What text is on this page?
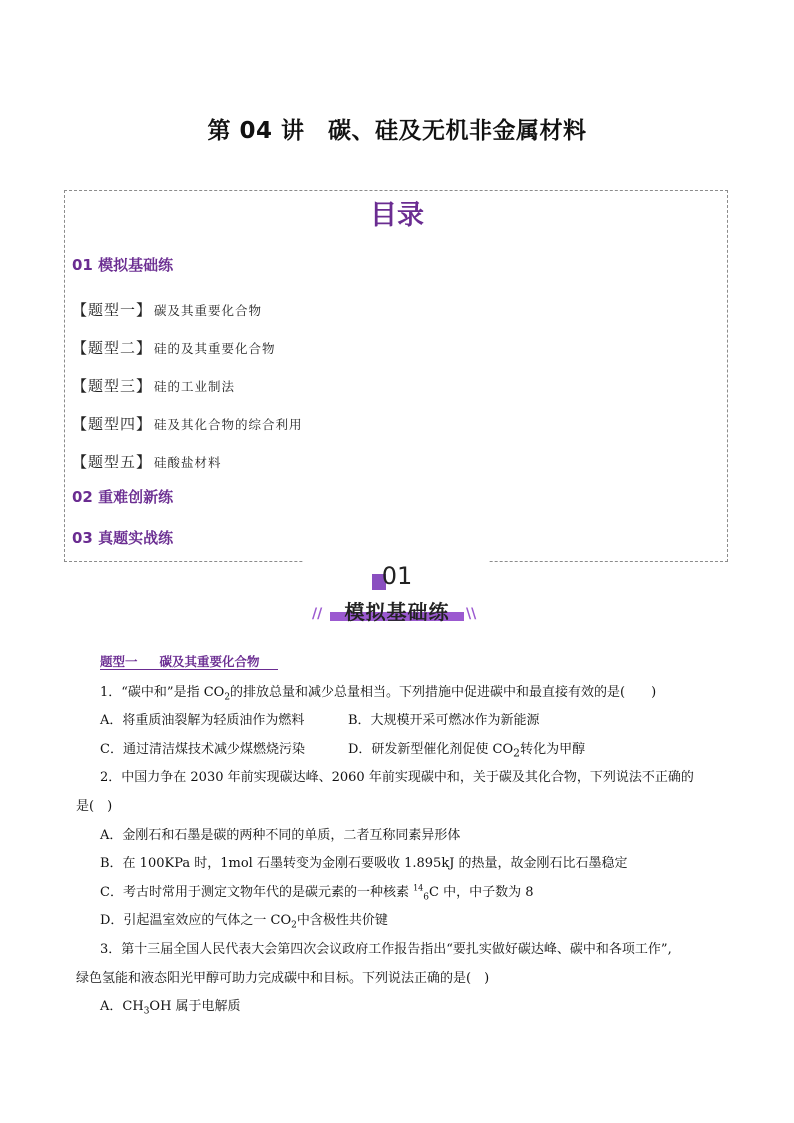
第 04 讲　碳、硅及无机非金属材料
目录
01 模拟基础练
【题型一】 碳及其重要化合物
【题型二】 硅的及其重要化合物
【题型三】 硅的工业制法
【题型四】 硅及其化合物的综合利用
【题型五】 硅酸盐材料
02 重难创新练
03 真题实战练
01
//	\\
模拟基础练
题型一 碳及其重要化合物
1．“碳中和”是指 $CO_2$的排放总量和减少总量相当。下列措施中促进碳中和最直接有效的是(　　)
A．将重质油裂解为轻质油作为燃料	B．大规模开采可燃冰作为新能源
C．通过清洁煤技术减少煤燃烧污染	D．研发新型催化剂促使 $CO_2$转化为甲醇
2．中国力争在 2030 年前实现碳达峰、2060 年前实现碳中和，关于碳及其化合物，下列说法不正确的
是(　)
A．金刚石和石墨是碳的两种不同的单质，二者互称同素异形体
B．在 100KPa 时，1mol 石墨转变为金刚石要吸收 1.895kJ 的热量，故金刚石比石墨稳定
C．考古时常用于测定文物年代的是碳元素的一种核素 $^{14}_6$C 中，中子数为 8
D．引起温室效应的气体之一 $CO_2$中含极性共价键
3．第十三届全国人民代表大会第四次会议政府工作报告指出“要扎实做好碳达峰、碳中和各项工作”,
绿色氢能和液态阳光甲醇可助力完成碳中和目标。下列说法正确的是(　)
A．$CH_3OH$ 属于电解质
